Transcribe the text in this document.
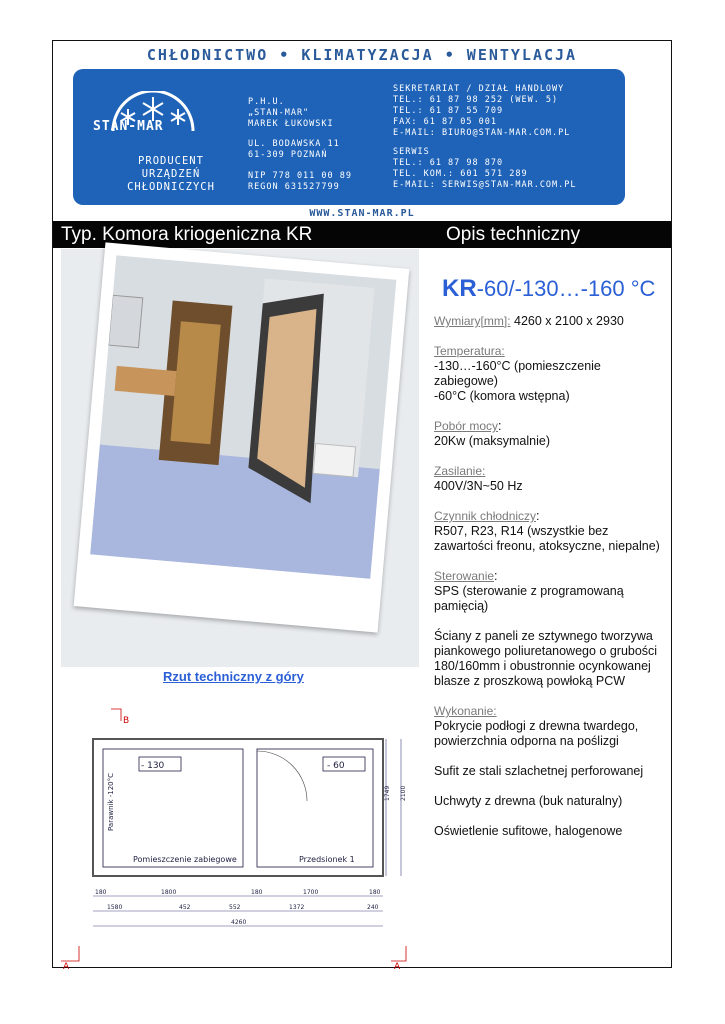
CHŁODNICTWO • KLIMATYZACJA • WENTYLACJA
STAN-MAR
PRODUCENT
URZĄDZEŃ
CHŁODNICZYCH
P.H.U.
„STAN-MAR"
MAREK ŁUKOWSKI
UL. BODAWSKA 11
61-309 POZNAŃ
NIP 778 011 00 89
REGON 631527799
SEKRETARIAT / DZIAŁ HANDLOWY
TEL.: 61 87 98 252 (WEW. 5)
TEL.: 61 87 55 709
FAX: 61 87 05 001
E-MAIL: BIURO@STAN-MAR.COM.PL
SERWIS
TEL.: 61 87 98 870
TEL. KOM.: 601 571 289
E-MAIL: SERWIS@STAN-MAR.COM.PL
WWW.STAN-MAR.PL
Typ. Komora kriogeniczna KR	Opis techniczny
Rzut techniczny z góry
B
A	A
- 130	- 60
Pomieszczenie zabiegowe	Przedsionek 1
Parawnik -120°C
180	1800	180	1700	180
1580	452	552	1372	240
4260
1749 2100
KR-60/-130…-160 °C
Wymiary[mm]: 4260 x 2100 x 2930
Temperatura:
-130…-160°C (pomieszczenie zabiegowe)
-60°C (komora wstępna)
Pobór mocy:
20Kw (maksymalnie)
Zasilanie:
400V/3N~50 Hz
Czynnik chłodniczy:
R507, R23, R14 (wszystkie bez zawartości freonu, atoksyczne, niepalne)
Sterowanie:
SPS (sterowanie z programowaną pamięcią)
Ściany z paneli ze sztywnego tworzywa piankowego poliuretanowego o grubości 180/160mm i obustronnie ocynkowanej blasze z proszkową powłoką PCW
Wykonanie:
Pokrycie podłogi z drewna twardego, powierzchnia odporna na poślizgi
Sufit ze stali szlachetnej perforowanej
Uchwyty z drewna (buk naturalny)
Oświetlenie sufitowe, halogenowe
